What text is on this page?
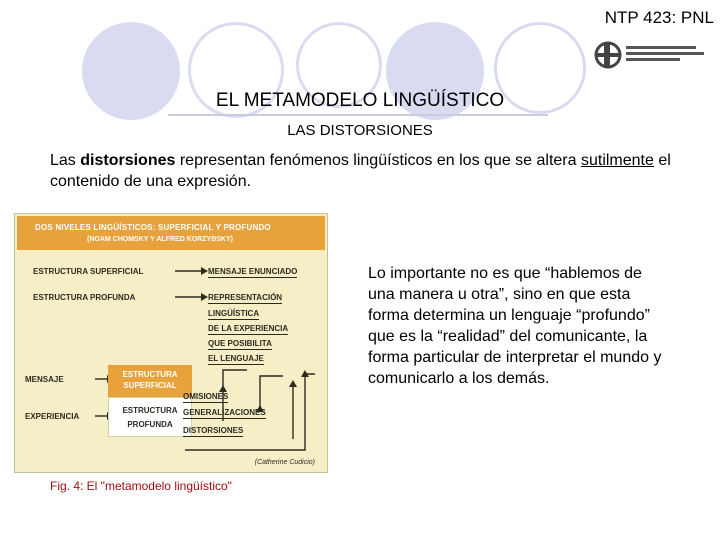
NTP 423: PNL
EL METAMODELO LINGÜÍSTICO
LAS DISTORSIONES
Las distorsiones representan fenómenos lingüísticos en los que se altera sutilmente el contenido de una expresión.
DOS NIVELES LINGÜÍSTICOS: SUPERFICIAL Y PROFUNDO
(NOAM CHOMSKY Y ALFRED KORZYBSKY)
ESTRUCTURA SUPERFICIAL
ESTRUCTURA PROFUNDA
MENSAJE
EXPERIENCIA
MENSAJE ENUNCIADO
REPRESENTACIÓN
LINGÜÍSTICA
DE LA EXPERIENCIA
QUE POSIBILITA
EL LENGUAJE
ESTRUCTURA
SUPERFICIAL
ESTRUCTURA
PROFUNDA
OMISIONES
GENERALIZACIONES
DISTORSIONES
(Catherine Cudicio)
Fig. 4: El "metamodelo lingüístico"
Lo importante no es que “hablemos de una manera u otra”, sino en que esta forma determina un lenguaje “profundo” que es la “realidad” del comunicante, la forma particular de interpretar el mundo y comunicarlo a los demás.
